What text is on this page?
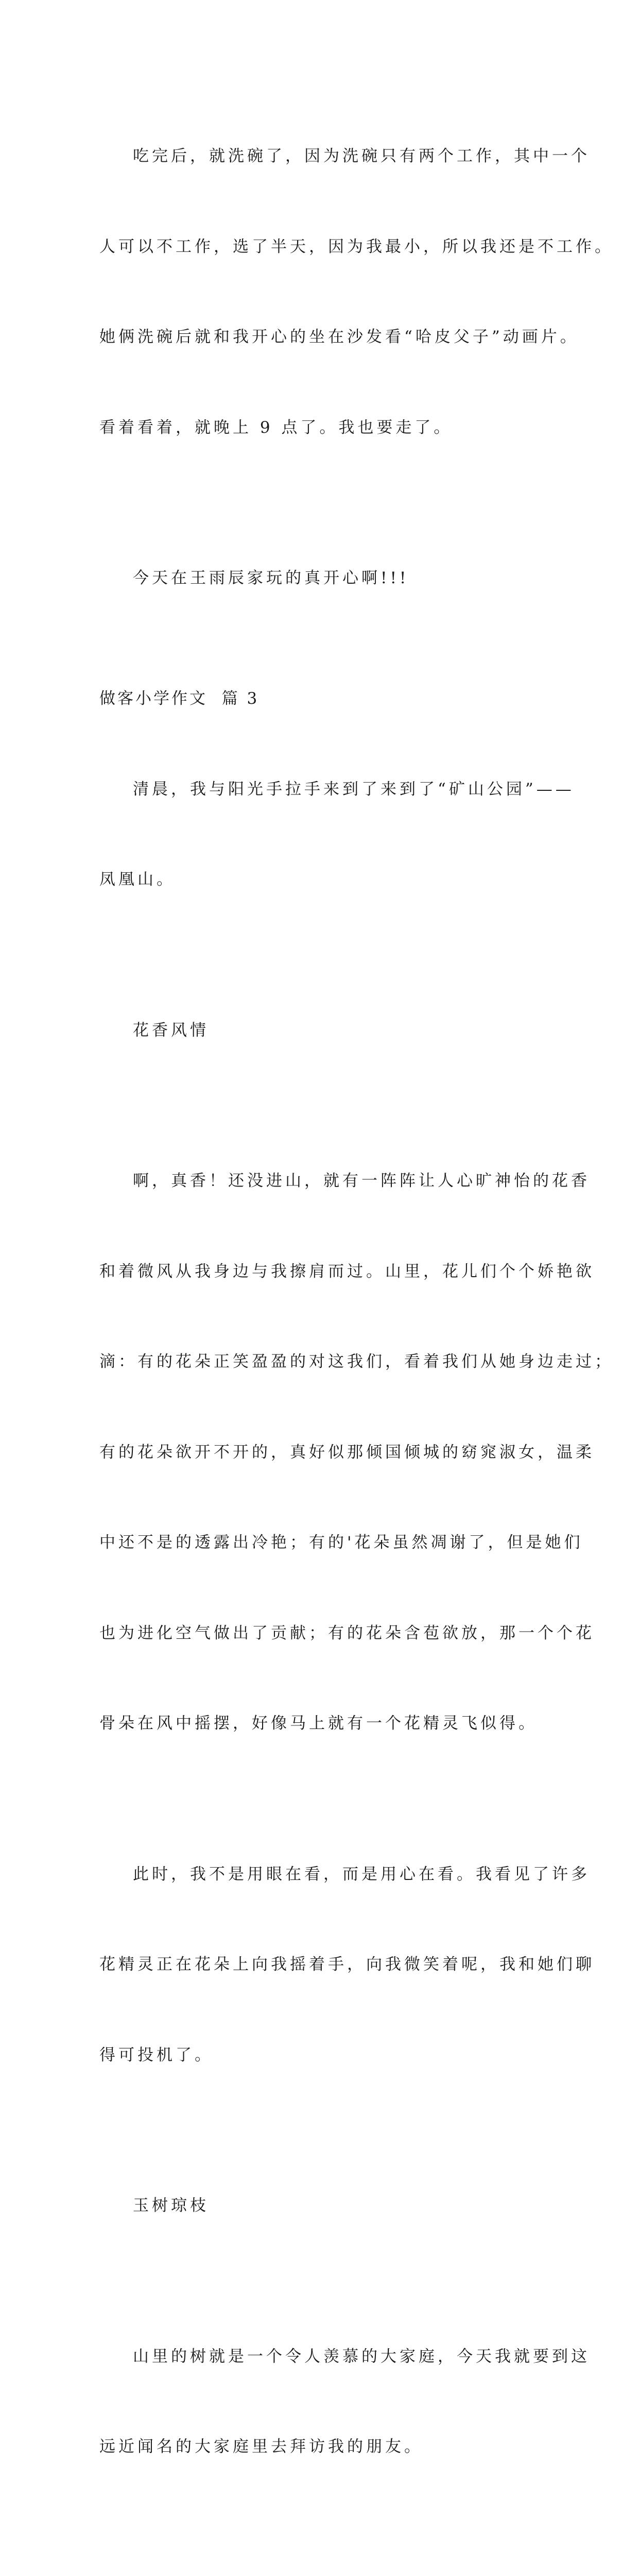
吃完后，就洗碗了，因为洗碗只有两个工作，其中一个

人可以不工作，选了半天，因为我最小，所以我还是不工作。

她俩洗碗后就和我开心的坐在沙发看“哈皮父子”动画片。

看着看着，就晚上 9 点了。我也要走了。

今天在王雨辰家玩的真开心啊!!!

做客小学作文  篇 3

清晨，我与阳光手拉手来到了来到了“矿山公园”——

凤凰山。

花香风情

啊，真香！还没进山，就有一阵阵让人心旷神怡的花香

和着微风从我身边与我擦肩而过。山里，花儿们个个娇艳欲

滴：有的花朵正笑盈盈的对这我们，看着我们从她身边走过；

有的花朵欲开不开的，真好似那倾国倾城的窈窕淑女，温柔

中还不是的透露出冷艳；有的'花朵虽然凋谢了，但是她们

也为进化空气做出了贡献；有的花朵含苞欲放，那一个个花

骨朵在风中摇摆，好像马上就有一个花精灵飞似得。

此时，我不是用眼在看，而是用心在看。我看见了许多

花精灵正在花朵上向我摇着手，向我微笑着呢，我和她们聊

得可投机了。

玉树琼枝

山里的树就是一个令人羡慕的大家庭，今天我就要到这

远近闻名的大家庭里去拜访我的朋友。
